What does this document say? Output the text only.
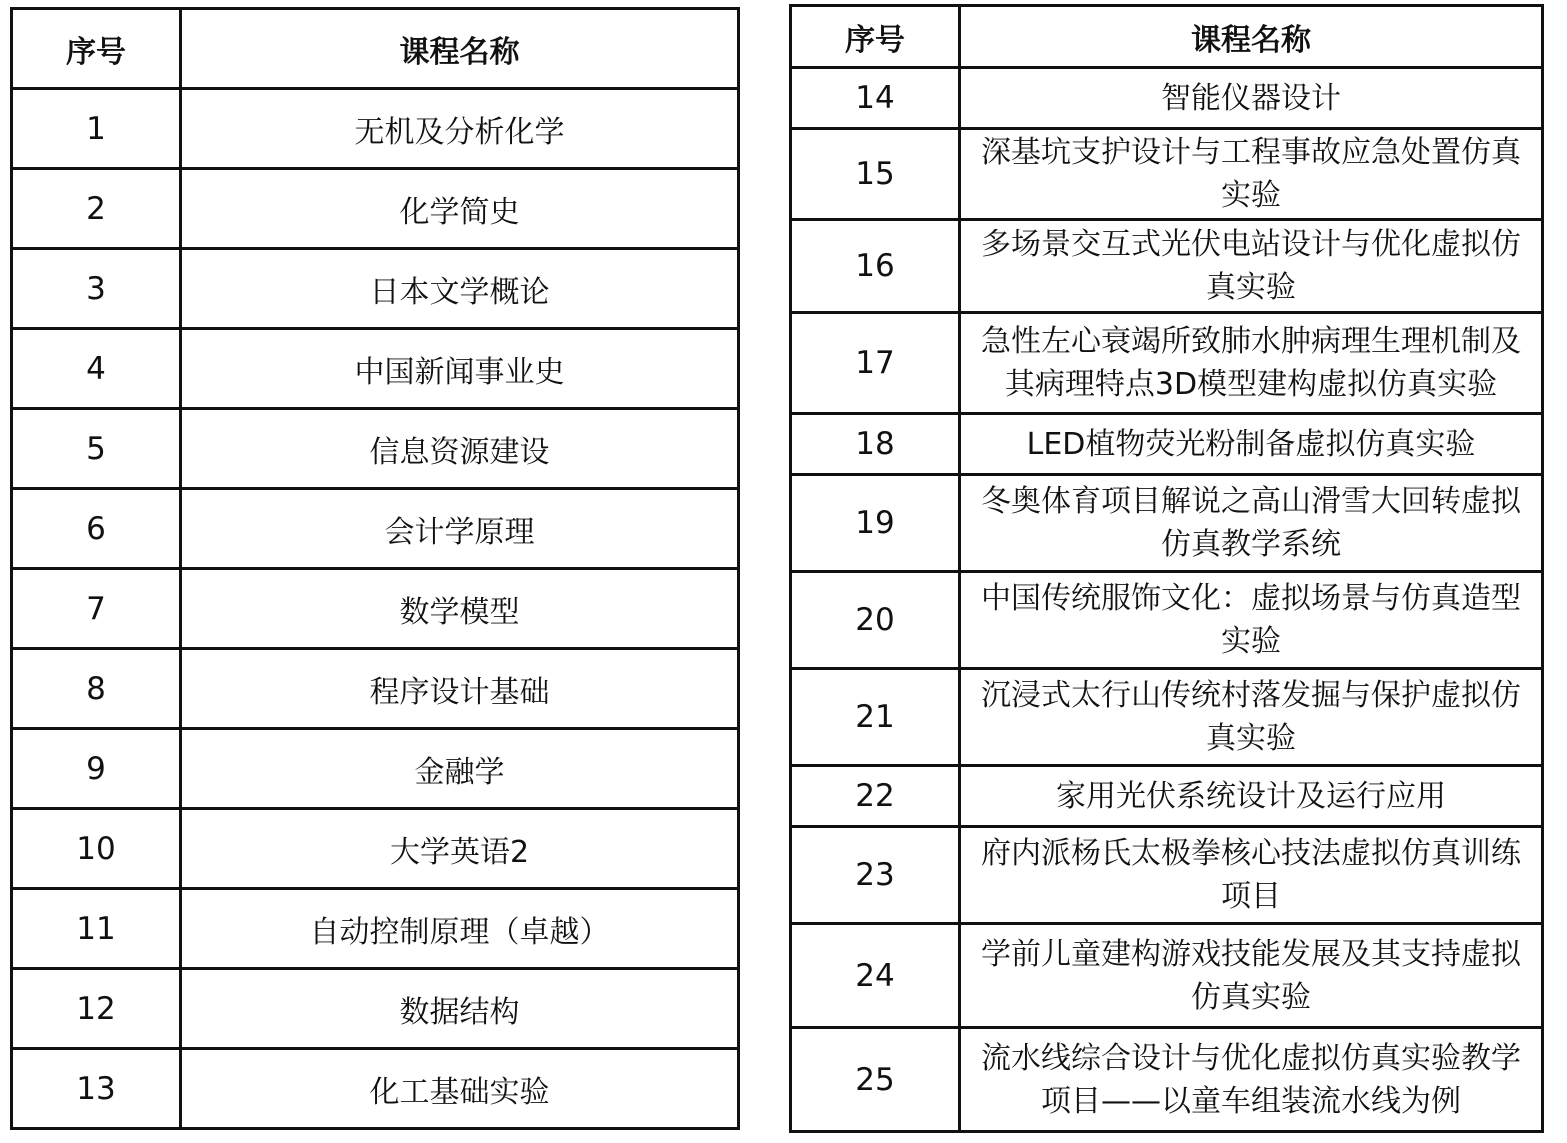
序号	课程名称
1	无机及分析化学
2	化学简史
3	日本文学概论
4	中国新闻事业史
5	信息资源建设
6	会计学原理
7	数学模型
8	程序设计基础
9	金融学
10	大学英语2
11	自动控制原理（卓越）
12	数据结构
13	化工基础实验
序号	课程名称
14	智能仪器设计
15	深基坑支护设计与工程事故应急处置仿真实验
16	多场景交互式光伏电站设计与优化虚拟仿真实验
17	急性左心衰竭所致肺水肿病理生理机制及其病理特点3D模型建构虚拟仿真实验
18	LED植物荧光粉制备虚拟仿真实验
19	冬奥体育项目解说之高山滑雪大回转虚拟仿真教学系统
20	中国传统服饰文化：虚拟场景与仿真造型实验
21	沉浸式太行山传统村落发掘与保护虚拟仿真实验
22	家用光伏系统设计及运行应用
23	府内派杨氏太极拳核心技法虚拟仿真训练项目
24	学前儿童建构游戏技能发展及其支持虚拟仿真实验
25	流水线综合设计与优化虚拟仿真实验教学项目——以童车组装流水线为例
